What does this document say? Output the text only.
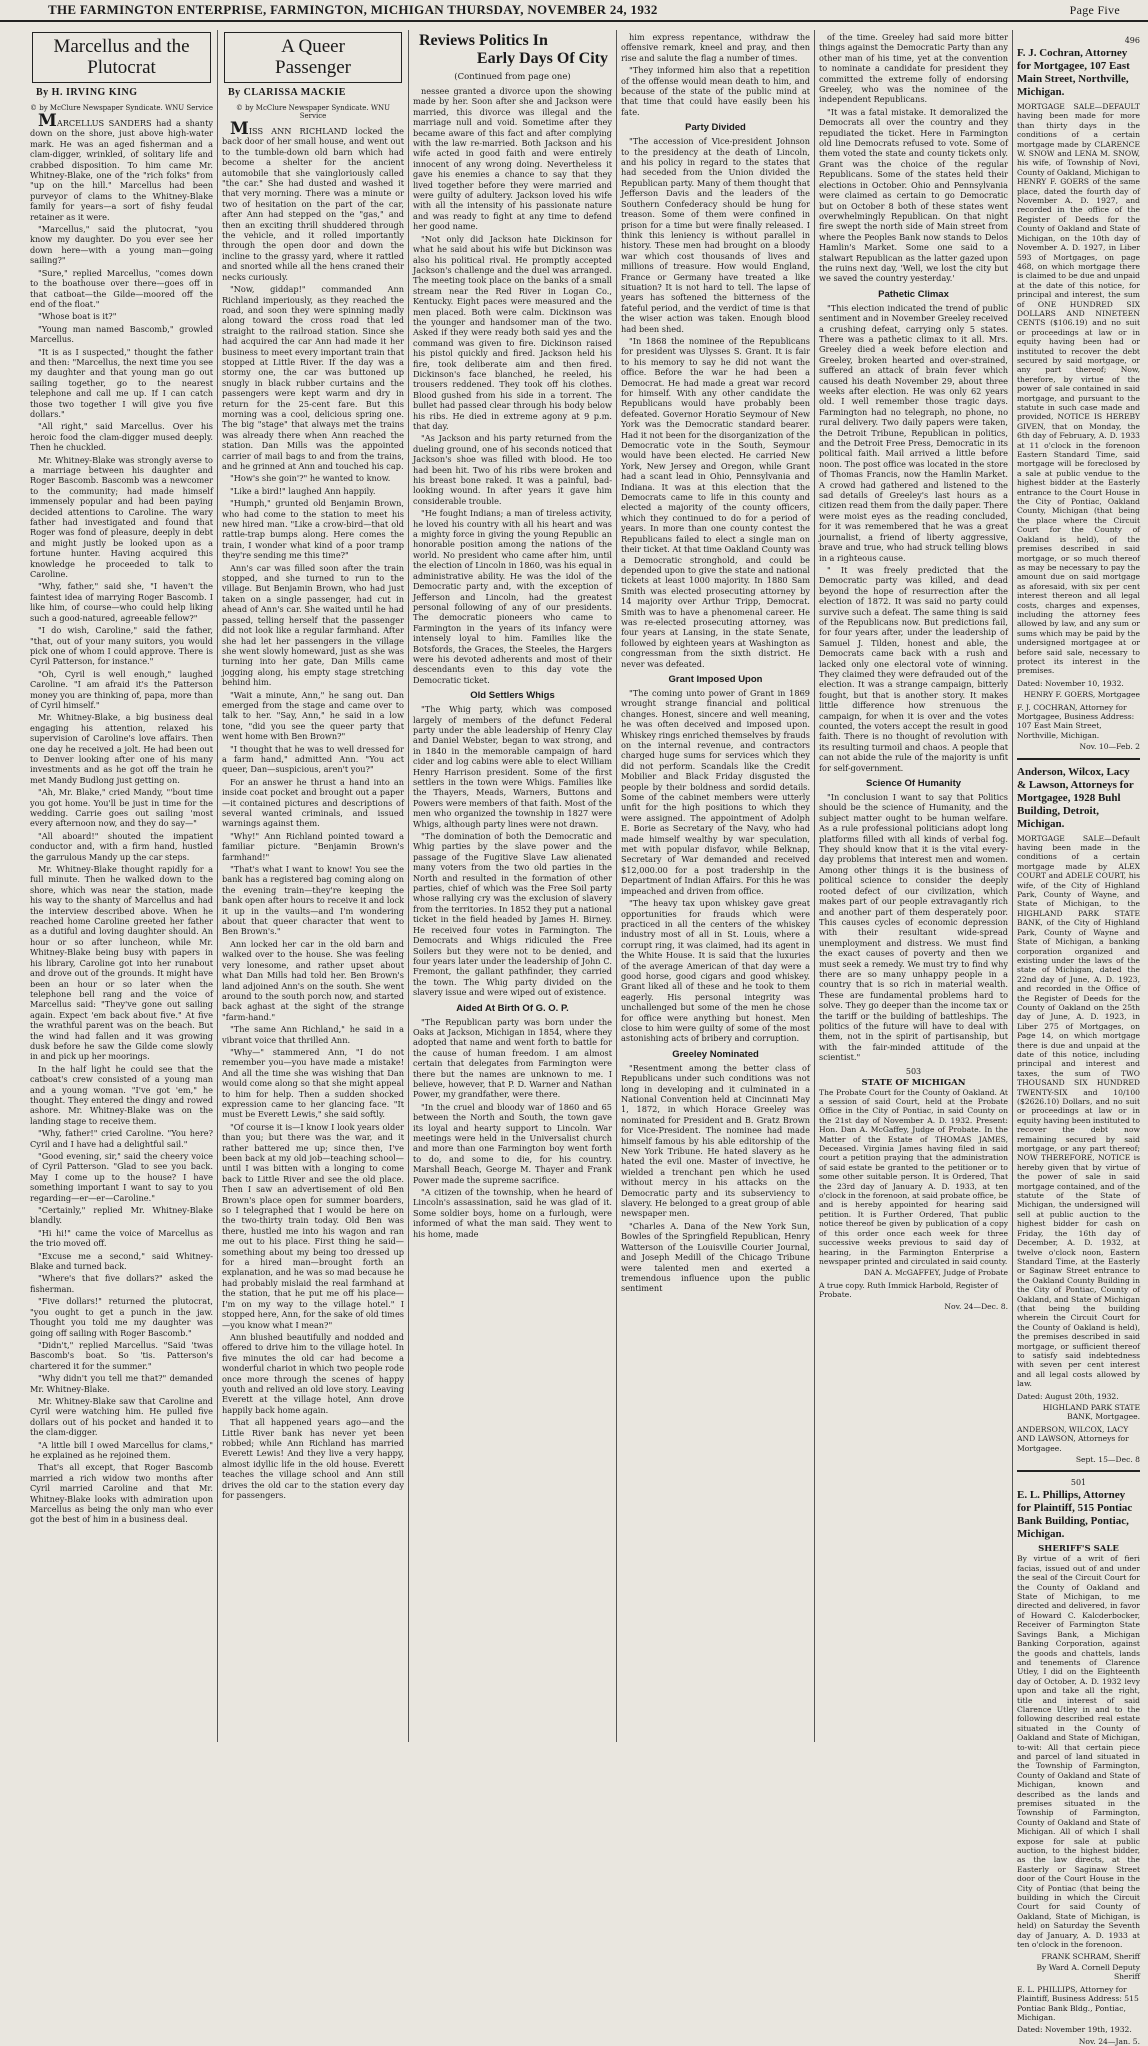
THE FARMINGTON ENTERPRISE, FARMINGTON, MICHIGAN THURSDAY, NOVEMBER 24, 1932	Page Five
Marcellus and the
Plutocrat
By H. IRVING KING
© by McClure Newspaper Syndicate. WNU Service

MARCELLUS SANDERS had a shanty down on the shore, just above high-water mark. He was an aged fisherman and a clam-digger, wrinkled, of solitary life and crabbed disposition. To him came Mr. Whitney-Blake, one of the "rich folks" from "up on the hill." Marcellus had been purveyor of clams to the Whitney-Blake family for years—a sort of fishy feudal retainer as it were.

"Marcellus," said the plutocrat, "you know my daughter. Do you ever see her down here—with a young man—going sailing?"

"Sure," replied Marcellus, "comes down to the boathouse over there—goes off in that catboat—the Gilde—moored off the end of the float."

"Whose boat is it?"

"Young man named Bascomb," growled Marcellus.

"It is as I suspected," thought the father and then: "Marcellus, the next time you see my daughter and that young man go out sailing together, go to the nearest telephone and call me up. If I can catch those two together I will give you five dollars."

"All right," said Marcellus. Over his heroic food the clam-digger mused deeply. Then he chuckled.

Mr. Whitney-Blake was strongly averse to a marriage between his daughter and Roger Bascomb. Bascomb was a newcomer to the community; had made himself immensely popular and had been paying decided attentions to Caroline. The wary father had investigated and found that Roger was fond of pleasure, deeply in debt and might justly be looked upon as a fortune hunter. Having acquired this knowledge he proceeded to talk to Caroline.

"Why, father," said she, "I haven't the faintest idea of marrying Roger Bascomb. I like him, of course—who could help liking such a good-natured, agreeable fellow?"

"I do wish, Caroline," said the father, "that, out of your many suitors, you would pick one of whom I could approve. There is Cyril Patterson, for instance."

"Oh, Cyril is well enough," laughed Caroline. "I am afraid it's the Patterson money you are thinking of, papa, more than of Cyril himself."

Mr. Whitney-Blake, a big business deal engaging his attention, relaxed his supervision of Caroline's love affairs. Then one day he received a jolt. He had been out to Denver looking after one of his many investments and as he got off the train he met Mandy Budlong just getting on.

"Ah, Mr. Blake," cried Mandy, "'bout time you got home. You'll be just in time for the wedding. Carrie goes out sailing 'most every afternoon now, and they do say—"

"All aboard!" shouted the impatient conductor and, with a firm hand, hustled the garrulous Mandy up the car steps.

Mr. Whitney-Blake thought rapidly for a full minute. Then he walked down to the shore, which was near the station, made his way to the shanty of Marcellus and had the interview described above. When he reached home Caroline greeted her father as a dutiful and loving daughter should. An hour or so after luncheon, while Mr. Whitney-Blake being busy with papers in his library, Caroline got into her runabout and drove out of the grounds. It might have been an hour or so later when the telephone bell rang and the voice of Marcellus said: "They've gone out sailing again. Expect 'em back about five." At five the wrathful parent was on the beach. But the wind had fallen and it was growing dusk before he saw the Gilde come slowly in and pick up her moorings.

In the half light he could see that the catboat's crew consisted of a young man and a young woman. "I've got 'em," he thought. They entered the dingy and rowed ashore. Mr. Whitney-Blake was on the landing stage to receive them.

"Why, father!" cried Caroline. "You here? Cyril and I have had a delightful sail."

"Good evening, sir," said the cheery voice of Cyril Patterson. "Glad to see you back. May I come up to the house? I have something important I want to say to you regarding—er—er—Caroline."

"Certainly," replied Mr. Whitney-Blake blandly.

"Hi hi!" came the voice of Marcellus as the trio moved off.

"Excuse me a second," said Whitney-Blake and turned back.

"Where's that five dollars?" asked the fisherman.

"Five dollars!" returned the plutocrat, "you ought to get a punch in the jaw. Thought you told me my daughter was going off sailing with Roger Bascomb."

"Didn't," replied Marcellus. "Said 'twas Bascomb's boat. So 'tis. Patterson's chartered it for the summer."

"Why didn't you tell me that?" demanded Mr. Whitney-Blake.

Mr. Whitney-Blake saw that Caroline and Cyril were watching him. He pulled five dollars out of his pocket and handed it to the clam-digger.

"A little bill I owed Marcellus for clams," he explained as he rejoined them.

That's all except, that Roger Bascomb married a rich widow two months after Cyril married Caroline and that Mr. Whitney-Blake looks with admiration upon Marcellus as being the only man who ever got the best of him in a business deal.

A Queer
Passenger
By CLARISSA MACKIE
© by McClure Newspaper Syndicate. WNU Service

MISS ANN RICHLAND locked the back door of her small house, and went out to the tumble-down old barn which had become a shelter for the ancient automobile that she vaingloriously called "the car." She had dusted and washed it that very morning. There was a minute or two of hesitation on the part of the car, after Ann had stepped on the "gas," and then an exciting thrill shuddered through the vehicle, and it rolled importantly through the open door and down the incline to the grassy yard, where it rattled and snorted while all the hens craned their necks curiously.

"Now, giddap!" commanded Ann Richland imperiously, as they reached the road, and soon they were spinning madly along toward the cross road that led straight to the railroad station. Since she had acquired the car Ann had made it her business to meet every important train that stopped at Little River. If the day was a stormy one, the car was buttoned up snugly in black rubber curtains and the passengers were kept warm and dry in return for the 25-cent fare. But this morning was a cool, delicious spring one. The big "stage" that always met the trains was already there when Ann reached the station. Dan Mills was the appointed carrier of mail bags to and from the trains, and he grinned at Ann and touched his cap.

"How's she goin'?" he wanted to know.

"Like a bird!" laughed Ann happily.

"Humph," grunted old Benjamin Brown, who had come to the station to meet his new hired man. "Like a crow-bird—that old rattle-trap bumps along. Here comes the train, I wonder what kind of a poor tramp they're sending me this time?"

Ann's car was filled soon after the train stopped, and she turned to run to the village. But Benjamin Brown, who had just taken on a single passenger, had cut in ahead of Ann's car. She waited until he had passed, telling herself that the passenger did not look like a regular farmhand. After she had let her passengers in the village she went slowly homeward, just as she was turning into her gate, Dan Mills came jogging along, his empty stage stretching behind him.

"Wait a minute, Ann," he sang out. Dan emerged from the stage and came over to talk to her. "Say, Ann," he said in a low tone, "did you see the queer party that went home with Ben Brown?"

"I thought that he was to well dressed for a farm hand," admitted Ann. "You act queer, Dan—suspicious, aren't you?"

For an answer he thrust a hand into an inside coat pocket and brought out a paper—it contained pictures and descriptions of several wanted criminals, and issued warnings against them.

"Why!" Ann Richland pointed toward a familiar picture. "Benjamin Brown's farmhand!"

"That's what I want to know! You see the bank has a registered bag coming along on the evening train—they're keeping the bank open after hours to receive it and lock it up in the vaults—and I'm wondering about that queer character that went to Ben Brown's."

Ann locked her car in the old barn and walked over to the house. She was feeling very lonesome, and rather upset about what Dan Mills had told her. Ben Brown's land adjoined Ann's on the south. She went around to the south porch now, and started back aghast at the sight of the strange "farm-hand."

"The same Ann Richland," he said in a vibrant voice that thrilled Ann.

"Why—" stammered Ann, "I do not remember you—you have made a mistake! And all the time she was wishing that Dan would come along so that she might appeal to him for help. Then a sudden shocked expression came to her glancing face. "It must be Everett Lewis," she said softly.

"Of course it is—I know I look years older than you; but there was the war, and it rather battered me up; since then, I've been back at my old job—teaching school—until I was bitten with a longing to come back to Little River and see the old place. Then I saw an advertisement of old Ben Brown's place open for summer boarders, so I telegraphed that I would be here on the two-thirty train today. Old Ben was there, hustled me into his wagon and ran me out to his place. First thing he said—something about my being too dressed up for a hired man—brought forth an explanation, and he was so mad because he had probably mislaid the real farmhand at the station, that he put me off his place—I'm on my way to the village hotel." I stopped here, Ann, for the sake of old times—you know what I mean?"

Ann blushed beautifully and nodded and offered to drive him to the village hotel. In five minutes the old car had become a wonderful chariot in which two people rode once more through the scenes of happy youth and relived an old love story. Leaving Everett at the village hotel, Ann drove happily back home again.

That all happened years ago—and the Little River bank has never yet been robbed; while Ann Richland has married Everett Lewis! And they live a very happy, almost idyllic life in the old house. Everett teaches the village school and Ann still drives the old car to the station every day for passengers.

Reviews Politics In
Early Days Of City
(Continued from page one)

nessee granted a divorce upon the showing made by her. Soon after she and Jackson were married, this divorce was illegal and the marriage null and void. Sometime after they became aware of this fact and after complying with the law re-married. Both Jackson and his wife acted in good faith and were entirely innocent of any wrong doing. Nevertheless it gave his enemies a chance to say that they lived together before they were married and were guilty of adultery. Jackson loved his wife with all the intensity of his passionate nature and was ready to fight at any time to defend her good name.

"Not only did Jackson hate Dickinson for what he said about his wife but Dickinson was also his political rival. He promptly accepted Jackson's challenge and the duel was arranged. The meeting took place on the banks of a small stream near the Red River in Logan Co., Kentucky. Eight paces were measured and the men placed. Both were calm. Dickinson was the younger and handsomer man of the two. Asked if they were ready both said yes and the command was given to fire. Dickinson raised his pistol quickly and fired. Jackson held his fire, took deliberate aim and then fired. Dickinson's face blanched, he reeled, his trousers reddened. They took off his clothes. Blood gushed from his side in a torrent. The bullet had passed clear through his body below his ribs. He died in extreme agony at 9 p.m. that day.

"As Jackson and his party returned from the dueling ground, one of his seconds noticed that Jackson's shoe was filled with blood. He too had been hit. Two of his ribs were broken and his breast bone raked. It was a painful, bad-looking wound. In after years it gave him considerable trouble.

"He fought Indians; a man of tireless activity, he loved his country with all his heart and was a mighty force in giving the young Republic an honorable position among the nations of the world. No president who came after him, until the election of Lincoln in 1860, was his equal in administrative ability. He was the idol of the Democratic party and, with the exception of Jefferson and Lincoln, had the greatest personal following of any of our presidents. The democratic pioneers who came to Farmington in the years of its infancy were intensely loyal to him. Families like the Botsfords, the Graces, the Steeles, the Hargers were his devoted adherents and most of their descendants even to this day vote the Democratic ticket.

Old Settlers Whigs

"The Whig party, which was composed largely of members of the defunct Federal party under the able leadership of Henry Clay and Daniel Webster, began to wax strong, and in 1840 in the memorable campaign of hard cider and log cabins were able to elect William Henry Harrison president. Some of the first settlers in the town were Whigs. Families like the Thayers, Meads, Warners, Buttons and Powers were members of that faith. Most of the men who organized the township in 1827 were Whigs, although party lines were not drawn.

"The domination of both the Democratic and Whig parties by the slave power and the passage of the Fugitive Slave Law alienated many voters from the two old parties in the North and resulted in the formation of other parties, chief of which was the Free Soil party whose rallying cry was the exclusion of slavery from the territories. In 1852 they put a national ticket in the field headed by James H. Birney. He received four votes in Farmington. The Democrats and Whigs ridiculed the Free Soilers but they were not to be denied, and four years later under the leadership of John C. Fremont, the gallant pathfinder, they carried the town. The Whig party divided on the slavery issue and were wiped out of existence.

Aided At Birth Of G. O. P.

"The Republican party was born under the Oaks at Jackson, Michigan in 1854, where they adopted that name and went forth to battle for the cause of human freedom. I am almost certain that delegates from Farmington were there but the names are unknown to me. I believe, however, that P. D. Warner and Nathan Power, my grandfather, were there.

"In the cruel and bloody war of 1860 and 65 between the North and South, the town gave its loyal and hearty support to Lincoln. War meetings were held in the Universalist church and more than one Farmington boy went forth to do, and some to die, for his country. Marshall Beach, George M. Thayer and Frank Power made the supreme sacrifice.

"A citizen of the township, when he heard of Lincoln's assassination, said he was glad of it. Some soldier boys, home on a furlough, were informed of what the man said. They went to his home, made

him express repentance, withdraw the offensive remark, kneel and pray, and then rise and salute the flag a number of times.

"They informed him also that a repetition of the offense would mean death to him, and because of the state of the public mind at that time that could have easily been his fate.

Party Divided

"The accession of Vice-president Johnson to the presidency at the death of Lincoln, and his policy in regard to the states that had seceded from the Union divided the Republican party. Many of them thought that Jefferson Davis and the leaders of the Southern Confederacy should be hung for treason. Some of them were confined in prison for a time but were finally released. I think this leniency is without parallel in history. These men had brought on a bloody war which cost thousands of lives and millions of treasure. How would England, France or Germany have treated a like situation? It is not hard to tell. The lapse of years has softened the bitterness of the fateful period, and the verdict of time is that the wiser action was taken. Enough blood had been shed.

"In 1868 the nominee of the Republicans for president was Ulysses S. Grant. It is fair to his memory to say he did not want the office. Before the war he had been a Democrat. He had made a great war record for himself. With any other candidate the Republicans would have probably been defeated. Governor Horatio Seymour of New York was the Democratic standard bearer. Had it not been for the disorganization of the Democratic vote in the South, Seymour would have been elected. He carried New York, New Jersey and Oregon, while Grant had a scant lead in Ohio, Pennsylvania and Indiana. It was at this election that the Democrats came to life in this county and elected a majority of the county officers, which they continued to do for a period of years. In more than one county contest the Republicans failed to elect a single man on their ticket. At that time Oakland County was a Democratic stronghold, and could be depended upon to give the state and national tickets at least 1000 majority. In 1880 Sam Smith was elected prosecuting attorney by 14 majority over Arthur Tripp, Democrat. Smith was to have a phenomenal career. He was re-elected prosecuting attorney, was four years at Lansing, in the state Senate, followed by eighteen years at Washington as congressman from the sixth district. He never was defeated.

Grant Imposed Upon

"The coming unto power of Grant in 1869 wrought strange financial and political changes. Honest, sincere and well meaning, he was often deceived and imposed upon. Whiskey rings enriched themselves by frauds on the internal revenue, and contractors charged huge sums for services which they did not perform. Scandals like the Credit Mobilier and Black Friday disgusted the people by their boldness and sordid details. Some of the cabinet members were utterly unfit for the high positions to which they were assigned. The appointment of Adolph E. Borie as Secretary of the Navy, who had made himself wealthy by war speculation, met with popular disfavor, while Belknap, Secretary of War demanded and received $12,000.00 for a post tradership in the Department of Indian Affairs. For this he was impeached and driven from office.

"The heavy tax upon whiskey gave great opportunities for frauds which were practiced in all the centers of the whiskey industry most of all in St. Louis, where a corrupt ring, it was claimed, had its agent in the White House. It is said that the luxuries of the average American of that day were a good horse, good cigars and good whiskey. Grant liked all of these and he took to them eagerly. His personal integrity was unchallenged but some of the men he chose for office were anything but honest. Men close to him were guilty of some of the most astonishing acts of bribery and corruption.

Greeley Nominated

"Resentment among the better class of Republicans under such conditions was not long in developing and it culminated in a National Convention held at Cincinnati May 1, 1872, in which Horace Greeley was nominated for President and B. Gratz Brown for Vice-President. The nominee had made himself famous by his able editorship of the New York Tribune. He hated slavery as he hated the evil one. Master of invective, he wielded a trenchant pen which he used without mercy in his attacks on the Democratic party and its subserviency to slavery. He belonged to a great group of able newspaper men.

"Charles A. Dana of the New York Sun, Bowles of the Springfield Republican, Henry Watterson of the Louisville Courier Journal, and Joseph Medill of the Chicago Tribune were talented men and exerted a tremendous influence upon the public sentiment

of the time. Greeley had said more bitter things against the Democratic Party than any other man of his time, yet at the convention to nominate a candidate for president they committed the extreme folly of endorsing Greeley, who was the nominee of the independent Republicans.

"It was a fatal mistake. It demoralized the Democrats all over the country and they repudiated the ticket. Here in Farmington old line Democrats refused to vote. Some of them voted the state and county tickets only. Grant was the choice of the regular Republicans. Some of the states held their elections in October. Ohio and Pennsylvania were claimed as certain to go Democratic but on October 8 both of these states went overwhelmingly Republican. On that night fire swept the north side of Main street from where the Peoples Bank now stands to Delos Hamlin's Market. Some one said to a stalwart Republican as the latter gazed upon the ruins next day, 'Well, we lost the city but we saved the country yesterday.'

Pathetic Climax

"This election indicated the trend of public sentiment and in November Greeley received a crushing defeat, carrying only 5 states. There was a pathetic climax to it all. Mrs. Greeley died a week before election and Greeley, broken hearted and over-strained, suffered an attack of brain fever which caused his death November 29, about three weeks after election. He was only 62 years old. I well remember those tragic days. Farmington had no telegraph, no phone, no rural delivery. Two daily papers were taken, the Detroit Tribune, Republican in politics, and the Detroit Free Press, Democratic in its political faith. Mail arrived a little before noon. The post office was located in the store of Thomas Francis, now the Hamlin Market. A crowd had gathered and listened to the sad details of Greeley's last hours as a citizen read them from the daily paper. There were moist eyes as the reading concluded, for it was remembered that he was a great journalist, a friend of liberty aggressive, brave and true, who had struck telling blows in a righteous cause.

" It was freely predicted that the Democratic party was killed, and dead beyond the hope of resurrection after the election of 1872. It was said no party could survive such a defeat. The same thing is said of the Republicans now. But predictions fail, for four years after, under the leadership of Samuel J. Tilden, honest and able, the Democrats came back with a rush and lacked only one electoral vote of winning. They claimed they were defrauded out of the election. It was a strange campaign, bitterly fought, but that is another story. It makes little difference how strenuous the campaign, for when it is over and the votes counted, the voters accept the result in good faith. There is no thought of revolution with its resulting turmoil and chaos. A people that can not abide the rule of the majority is unfit for self-government.

Science Of Humanity

"In conclusion I want to say that Politics should be the science of Humanity, and the subject matter ought to be human welfare. As a rule professional politicians adopt long platforms filled with all kinds of verbal fog. They should know that it is the vital every-day problems that interest men and women. Among other things it is the business of political science to consider the deeply rooted defect of our civilization, which makes part of our people extravagantly rich and another part of them desperately poor. This causes cycles of economic depression with their resultant wide-spread unemployment and distress. We must find the exact causes of poverty and then we must seek a remedy. We must try to find why there are so many unhappy people in a country that is so rich in material wealth. These are fundamental problems hard to solve. They go deeper than the income tax or the tariff or the building of battleships. The politics of the future will have to deal with them, not in the spirit of partisanship, but with the fair-minded attitude of the scientist."

503
STATE OF MICHIGAN

The Probate Court for the County of Oakland. At a session of said Court, held at the Probate Office in the City of Pontiac, in said County on the 21st day of November A. D. 1932. Present: Hon. Dan A. McGaffey, Judge of Probate. In the Matter of the Estate of THOMAS JAMES, Deceased. Virginia James having filed in said court a petition praying that the administration of said estate be granted to the petitioner or to some other suitable person. It is Ordered, That the 23rd day of January A. D. 1933, at ten o'clock in the forenoon, at said probate office, be and is hereby appointed for hearing said petition. It is Further Ordered, That public notice thereof be given by publication of a copy of this order once each week for three successive weeks previous to said day of hearing, in the Farmington Enterprise a newspaper printed and circulated in said county.

DAN A. McGAFFEY, Judge of Probate

A true copy. Ruth Immick Harbold, Register of Probate.

Nov. 24—Dec. 8.

496
F. J. Cochran, Attorney for Mortgagee, 107 East Main Street, Northville, Michigan.

MORTGAGE SALE—DEFAULT having been made for more than thirty days in the conditions of a certain mortgage made by CLARENCE W. SNOW and LENA M. SNOW, his wife, of Township of Novi, County of Oakland, Michigan to HENRY F. GOERS of the same place, dated the fourth day of November A. D. 1927, and recorded in the office of the Register of Deeds for the County of Oakland and State of Michigan, on the 10th day of November A. D. 1927, in Liber 593 of Mortgages, on page 468, on which mortgage there is claimed to be due and unpaid at the date of this notice, for principal and interest, the sum of ONE HUNDRED SIX DOLLARS AND NINETEEN CENTS ($106.19) and no suit or proceedings at law or in equity having been had or instituted to recover the debt secured by said mortgage, or any part thereof; Now, therefore, by virtue of the power of sale contained in said mortgage, and pursuant to the statute in such case made and provided, NOTICE IS HEREBY GIVEN, that on Monday, the 6th day of February, A. D. 1933 at 11 o'clock in the forenoon Eastern Standard Time, said mortgage will be foreclosed by a sale at public vendue to the highest bidder at the Easterly entrance to the Court House in the City of Pontiac, Oakland County, Michigan (that being the place where the Circuit Court for the County of Oakland is held), of the premises described in said mortgage, or so much thereof as may be necessary to pay the amount due on said mortgage as aforesaid, with six per cent interest thereon and all legal costs, charges and expenses, including the attorney fees allowed by law, and any sum or sums which may be paid by the undersigned mortgagee at or before said sale, necessary to protect its interest in the premises.

Dated: November 10, 1932.

HENRY F. GOERS, Mortgagee

F. J. COCHRAN, Attorney for Mortgagee, Business Address: 107 East Main Street, Northville, Michigan.

Nov. 10—Feb. 2

Anderson, Wilcox, Lacy & Lawson, Attorneys for Mortgagee, 1928 Buhl Building, Detroit, Michigan.

MORTGAGE SALE—Default having been made in the conditions of a certain mortgage made by ALEX COURT and ADELE COURT, his wife, of the City of Highland Park, County of Wayne, and State of Michigan, to the HIGHLAND PARK STATE BANK, of the City of Highland Park, County of Wayne and State of Michigan, a banking corporation organized and existing under the laws of the state of Michigan, dated the 22nd day of June, A. D. 1923, and recorded in the Office of the Register of Deeds for the County of Oakland on the 25th day of June, A. D. 1923, in Liber 275 of Mortgages, on Page 14, on which mortgage there is due and unpaid at the date of this notice, including principal and interest and taxes, the sum of TWO THOUSAND SIX HUNDRED TWENTY-SIX and 10/100 ($2626.10) Dollars, and no suit or proceedings at law or in equity having been instituted to recover the debt now remaining secured by said mortgage, or any part thereof; NOW THEREFORE, NOTICE is hereby given that by virtue of the power of sale in said mortgage contained, and of the statute of the State of Michigan, the undersigned will sell at public auction to the highest bidder for cash on Friday, the 16th day of December, A. D. 1932, at twelve o'clock noon, Eastern Standard Time, at the Easterly or Saginaw Street entrance to the Oakland County Building in the City of Pontiac, County of Oakland, and State of Michigan (that being the building wherein the Circuit Court for the County of Oakland is held), the premises described in said mortgage, or sufficient thereof to satisfy said indebtedness with seven per cent interest and all legal costs allowed by law.

Dated: August 20th, 1932.

HIGHLAND PARK STATE BANK, Mortgagee.

ANDERSON, WILCOX, LACY AND LAWSON, Attorneys for Mortgagee.

Sept. 15—Dec. 8

501
E. L. Phillips, Attorney for Plaintiff, 515 Pontiac Bank Building, Pontiac, Michigan.
SHERIFF'S SALE

By virtue of a writ of fieri facias, issued out of and under the seal of the Circuit Court for the County of Oakland and State of Michigan, to me directed and delivered, in favor of Howard C. Kalcderbocker, Receiver of Farmington State Savings Bank, a Michigan Banking Corporation, against the goods and chattels, lands and tenements of Clarence Utley, I did on the Eighteenth day of October, A. D. 1932 levy upon and take all the right, title and interest of said Clarence Utley in and to the following described real estate situated in the County of Oakland and State of Michigan, to-wit: All that certain piece and parcel of land situated in the Township of Farmington, County of Oakland and State of Michigan, known and described as the lands and premises situated in the Township of Farmington, County of Oakland and State of Michigan. All of which I shall expose for sale at public auction, to the highest bidder, as the law directs, at the Easterly or Saginaw Street door of the Court House in the City of Pontiac (that being the building in which the Circuit Court for said County of Oakland, State of Michigan, is held) on Saturday the Seventh day of January, A. D. 1933 at ten o'clock in the forenoon.

FRANK SCHRAM, Sheriff

By Ward A. Cornell Deputy Sheriff

E. L. PHILLIPS, Attorney for Plaintiff, Business Address: 515 Pontiac Bank Bldg., Pontiac, Michigan.

Dated: November 19th, 1932.

Nov. 24—Jan. 5.
